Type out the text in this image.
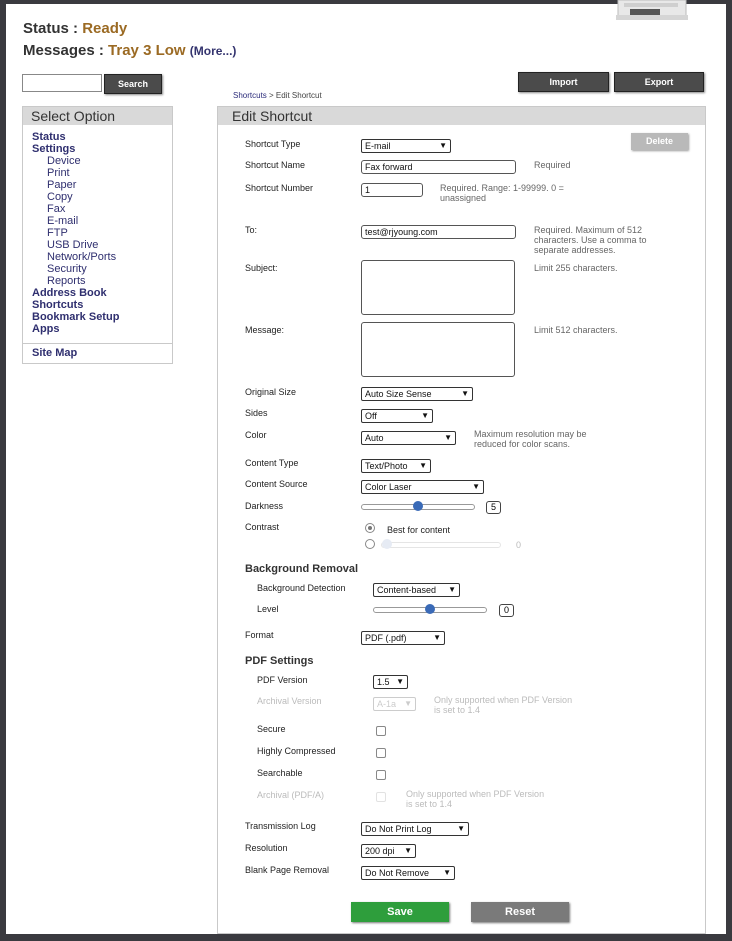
Status : Ready
Messages : Tray 3 Low (More...)
Search	Import Configuration
Export Configuration
Shortcuts > Edit Shortcut
Select Option
Status
Settings
Device
Print
Paper
Copy
Fax
E-mail
FTP
USB Drive
Network/Ports
Security
Reports
Address Book
Shortcuts
Bookmark Setup
Apps
Site Map
Edit Shortcut
Delete
Shortcut Type	E-mail	▼
Shortcut Name	Fax forward	Required
Shortcut Number	1	Required. Range: 1-99999. 0 =
unassigned
To:	test@rjyoung.com	Required. Maximum of 512
characters. Use a comma to
separate addresses.
Subject:	Limit 255 characters.
Message:	Limit 512 characters.
Original Size	Auto Size Sense	▼
Sides	Off	▼
Color	Auto	▼ Maximum resolution may be
reduced for color scans.
Content Type	Text/Photo ▼
Content Source	Color Laser	▼
Darkness	5
Contrast	Best for content
0
Background Removal
Background Detection	Content-based ▼
Level	0
Format	PDF (.pdf)	▼
PDF Settings
PDF Version	1.5 ▼
Archival Version	A-1a ▼ Only supported when PDF Version
is set to 1.4
Secure
Highly Compressed
Searchable
Archival (PDF/A)	Only supported when PDF Version
is set to 1.4
Transmission Log	Do Not Print Log	▼
Resolution	200 dpi ▼
Blank Page Removal	Do Not Remove ▼
Save	Reset
